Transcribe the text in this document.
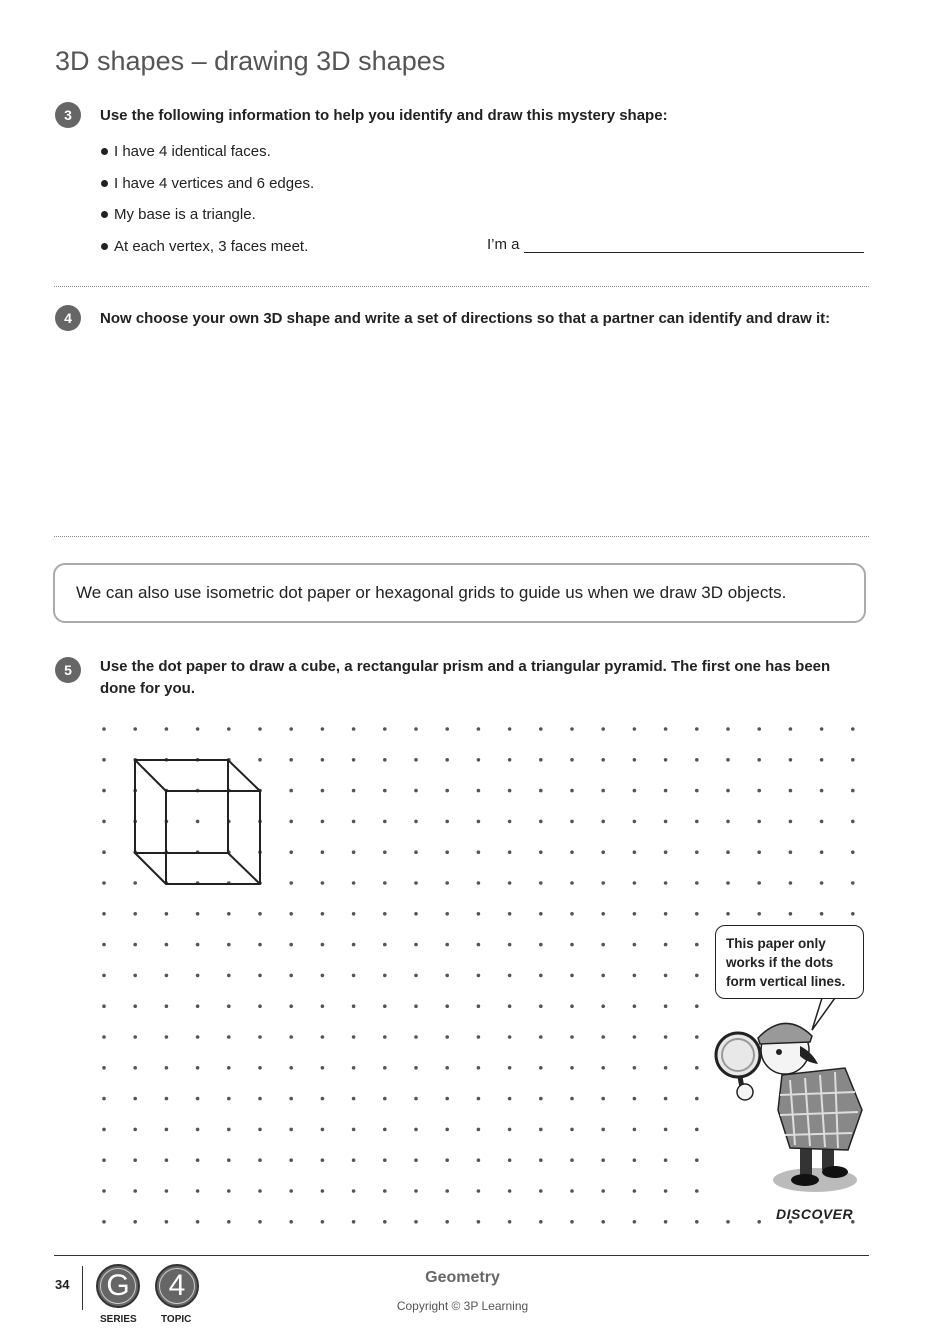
3D shapes – drawing 3D shapes
3	Use the following information to help you identify and draw this mystery shape:
I have 4 identical faces.
I have 4 vertices and 6 edges.
My base is a triangle.
At each vertex, 3 faces meet.	I’m a
4	Now choose your own 3D shape and write a set of directions so that a partner can identify and draw it:
We can also use isometric dot paper or hexagonal grids to guide us when we draw 3D objects.
5	Use the dot paper to draw a cube, a rectangular prism and a triangular pyramid. The first one has been
done for you.
This paper only
works if the dots
form vertical lines.
DISCOVER
34	G
SERIES
4
TOPIC
Geometry
Copyright © 3P Learning
